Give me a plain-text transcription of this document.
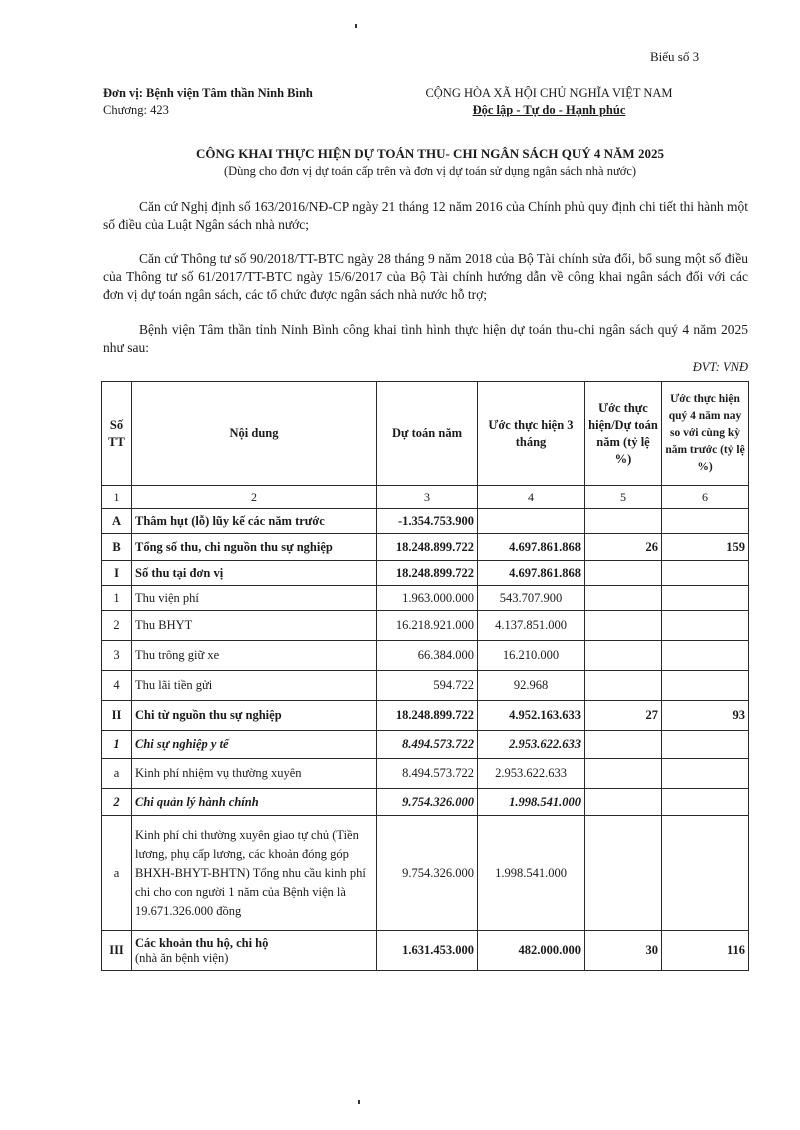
Biểu số 3
Đơn vị: Bệnh viện Tâm thần Ninh Bình
Chương: 423
CỘNG HÒA XÃ HỘI CHỦ NGHĨA VIỆT NAM
Độc lập - Tự do - Hạnh phúc
CÔNG KHAI THỰC HIỆN DỰ TOÁN THU- CHI NGÂN SÁCH QUÝ 4 NĂM 2025
(Dùng cho đơn vị dự toán cấp trên và đơn vị dự toán sử dụng ngân sách nhà nước)
Căn cứ Nghị định số 163/2016/NĐ-CP ngày 21 tháng 12 năm 2016 của Chính phủ quy định chi tiết thi hành một số điều của Luật Ngân sách nhà nước;
Căn cứ Thông tư số 90/2018/TT-BTC ngày 28 tháng 9 năm 2018 của Bộ Tài chính sửa đổi, bổ sung một số điều của Thông tư số 61/2017/TT-BTC ngày 15/6/2017 của Bộ Tài chính hướng dẫn về công khai ngân sách đối với các đơn vị dự toán ngân sách, các tổ chức được ngân sách nhà nước hỗ trợ;
Bệnh viện Tâm thần tỉnh Ninh Bình công khai tình hình thực hiện dự toán thu-chi ngân sách quý 4 năm 2025 như sau:
ĐVT: VNĐ
Số TT	Nội dung	Dự toán năm	Ước thực hiện 3 tháng	Ước thực hiện/Dự toán năm (tỷ lệ %)	Ước thực hiện quý 4 năm nay so với cùng kỳ năm trước (tỷ lệ %)
1	2	3	4	5	6
A	Thâm hụt (lỗ) lũy kế các năm trước	-1.354.753.900			
B	Tổng số thu, chi nguồn thu sự nghiệp	18.248.899.722	4.697.861.868	26	159
I	Số thu tại đơn vị	18.248.899.722	4.697.861.868		
1	Thu viện phí	1.963.000.000	543.707.900		
2	Thu BHYT	16.218.921.000	4.137.851.000		
3	Thu trông giữ xe	66.384.000	16.210.000		
4	Thu lãi tiền gửi	594.722	92.968		
II	Chi từ nguồn thu sự nghiệp	18.248.899.722	4.952.163.633	27	93
1	Chi sự nghiệp y tế	8.494.573.722	2.953.622.633		
a	Kinh phí nhiệm vụ thường xuyên	8.494.573.722	2.953.622.633		
2	Chi quản lý hành chính	9.754.326.000	1.998.541.000		
a	Kinh phí chi thường xuyên giao tự chủ (Tiền lương, phụ cấp lương, các khoản đóng góp BHXH-BHYT-BHTN) Tổng nhu cầu kinh phí chi cho con người 1 năm của Bệnh viện là 19.671.326.000 đồng	9.754.326.000	1.998.541.000		
III	Các khoản thu hộ, chi hộ
(nhà ăn bệnh viện)	1.631.453.000	482.000.000	30	116
